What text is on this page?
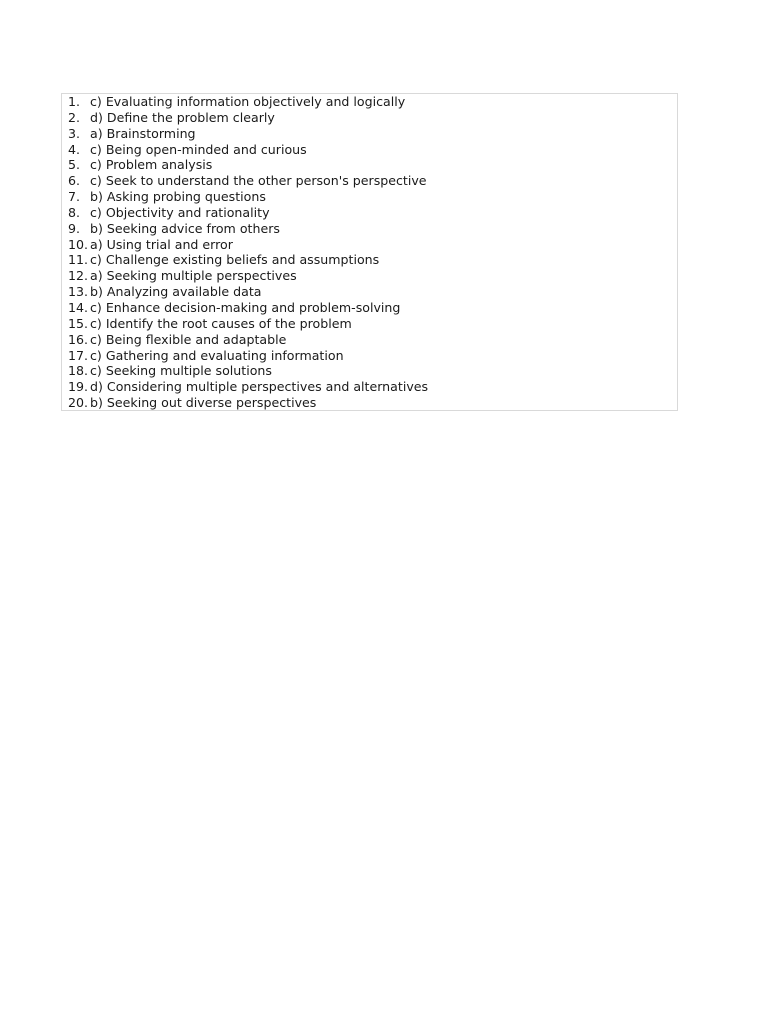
1. c) Evaluating information objectively and logically
2. d) Define the problem clearly
3. a) Brainstorming
4. c) Being open-minded and curious
5. c) Problem analysis
6. c) Seek to understand the other person's perspective
7. b) Asking probing questions
8. c) Objectivity and rationality
9. b) Seeking advice from others
10. a) Using trial and error
11. c) Challenge existing beliefs and assumptions
12. a) Seeking multiple perspectives
13. b) Analyzing available data
14. c) Enhance decision-making and problem-solving
15. c) Identify the root causes of the problem
16. c) Being flexible and adaptable
17. c) Gathering and evaluating information
18. c) Seeking multiple solutions
19. d) Considering multiple perspectives and alternatives
20. b) Seeking out diverse perspectives
